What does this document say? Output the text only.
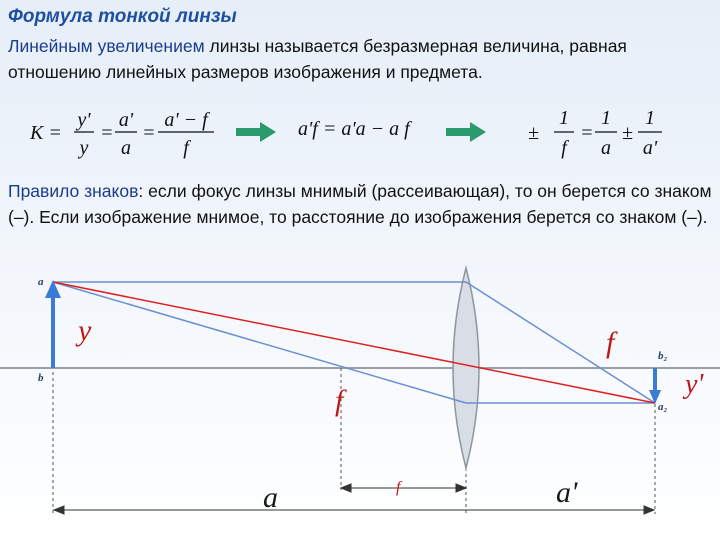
Формула тонкой линзы
Линейным увеличением линзы называется безразмерная величина, равная отношению линейных размеров изображения и предмета.
K =
y'
y
=
a'
a
=
a' − f
f
a'f = a'a − a f	±
1
f
=
1
a
±
1
a'
Правило знаков: если фокус линзы мнимый (рассеивающая), то он берется со знаком (–). Если изображение мнимое, то расстояние до изображения берется со знаком (–).
a
b
b₂
a₂
y	f
f	y'
f
a	a'
